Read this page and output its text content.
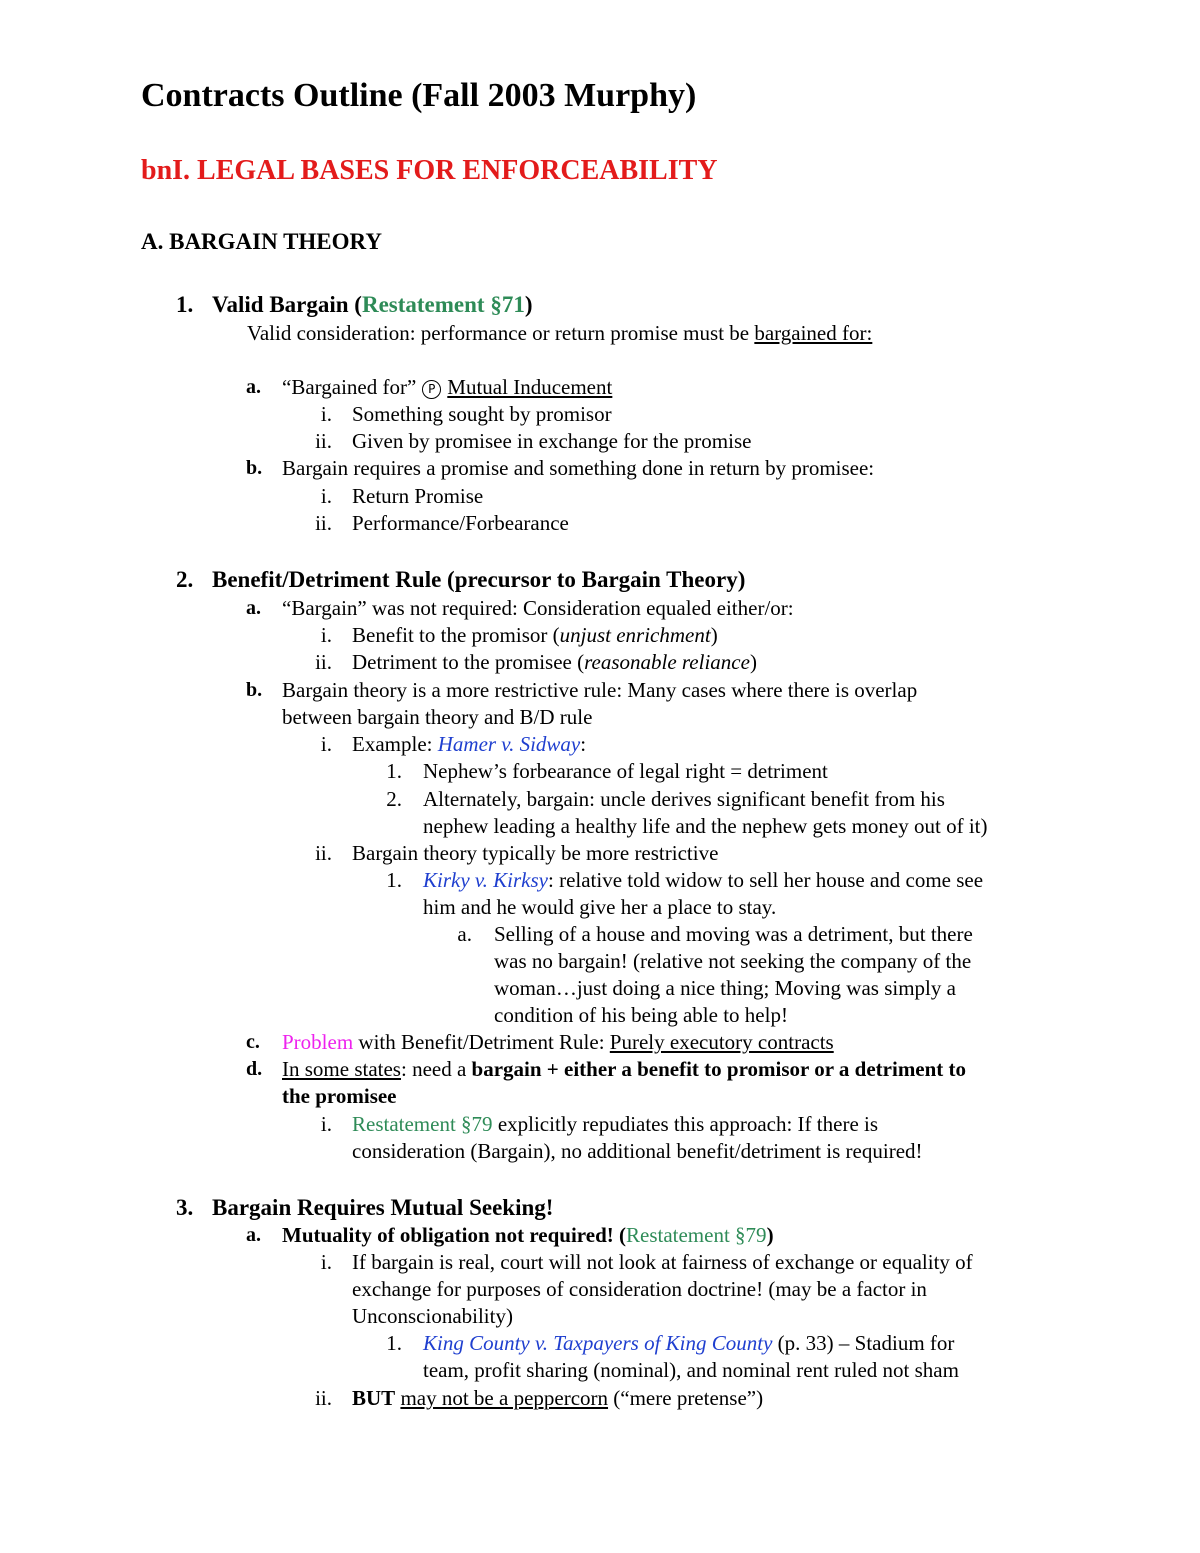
Contracts Outline (Fall 2003 Murphy)
bnI. LEGAL BASES FOR ENFORCEABILITY
A. BARGAIN THEORY
1. Valid Bargain (Restatement §71)
Valid consideration: performance or return promise must be bargained for:
a. “Bargained for” P Mutual Inducement
i. Something sought by promisor
ii. Given by promisee in exchange for the promise
b. Bargain requires a promise and something done in return by promisee:
i. Return Promise
ii. Performance/Forbearance
2. Benefit/Detriment Rule (precursor to Bargain Theory)
a. “Bargain” was not required: Consideration equaled either/or:
i. Benefit to the promisor (unjust enrichment)
ii. Detriment to the promisee (reasonable reliance)
b. Bargain theory is a more restrictive rule: Many cases where there is overlap
between bargain theory and B/D rule
i. Example: Hamer v. Sidway:
1. Nephew’s forbearance of legal right = detriment
2. Alternately, bargain: uncle derives significant benefit from his
nephew leading a healthy life and the nephew gets money out of it)
ii. Bargain theory typically be more restrictive
1. Kirky v. Kirksy: relative told widow to sell her house and come see
him and he would give her a place to stay.
a. Selling of a house and moving was a detriment, but there
was no bargain! (relative not seeking the company of the
woman…just doing a nice thing; Moving was simply a
condition of his being able to help!
c. Problem with Benefit/Detriment Rule: Purely executory contracts
d. In some states: need a bargain + either a benefit to promisor or a detriment to
the promisee
i. Restatement §79 explicitly repudiates this approach: If there is
consideration (Bargain), no additional benefit/detriment is required!
3. Bargain Requires Mutual Seeking!
a. Mutuality of obligation not required! (Restatement §79)
i. If bargain is real, court will not look at fairness of exchange or equality of
exchange for purposes of consideration doctrine! (may be a factor in
Unconscionability)
1. King County v. Taxpayers of King County (p. 33) – Stadium for
team, profit sharing (nominal), and nominal rent ruled not sham
ii. BUT may not be a peppercorn (“mere pretense”)
